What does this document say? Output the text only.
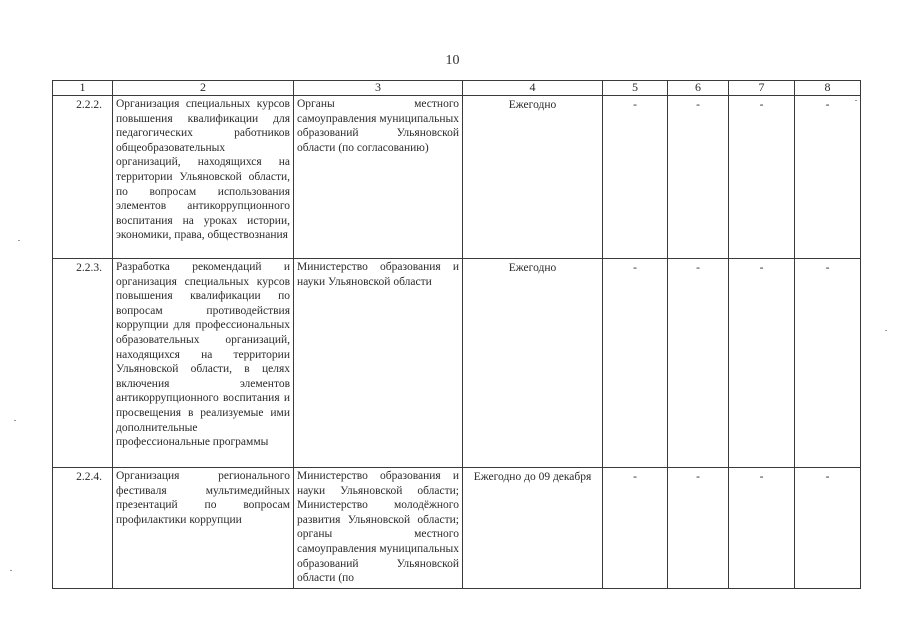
10
1	2	3	4	5	6	7	8
2.2.2.	Организация специальных курсов повышения квалификации для педагогических работников общеобразовательных организаций, находящихся на территории Ульяновской области, по вопросам использования элементов антикоррупционного воспитания на уроках истории, экономики, права, обществознания	Органы местного самоуправления муниципальных образований Ульяновской области (по согласованию)	Ежегодно	-	-	-	-
2.2.3.	Разработка рекомендаций и организация специальных курсов повышения квалификации по вопросам противодействия коррупции для профессиональных образовательных организаций, находящихся на территории Ульяновской области, в целях включения элементов антикоррупционного воспитания и просвещения в реализуемые ими дополнительные профессиональные программы	Министерство образования и науки Ульяновской области	Ежегодно	-	-	-	-
2.2.4.	Организация регионального фестиваля мультимедийных презентаций по вопросам профилактики коррупции	Министерство образования и науки Ульяновской области; Министерство молодёжного развития Ульяновской области; органы местного самоуправления муниципальных образований Ульяновской области (по	Ежегодно до 09 декабря	-	-	-	-
